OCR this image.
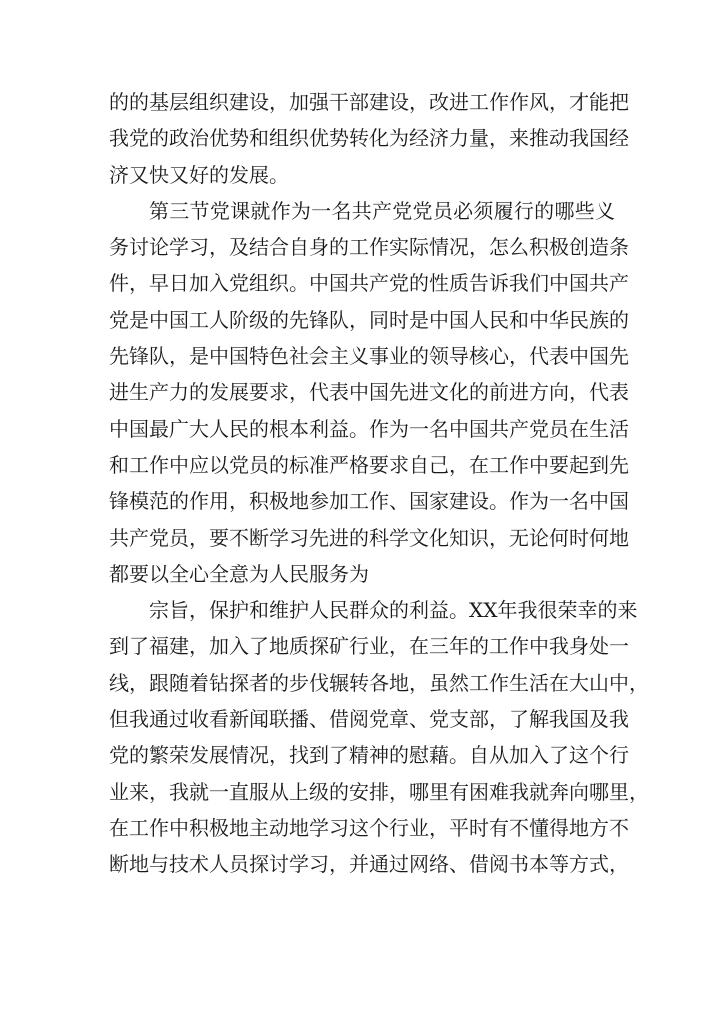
的的基层组织建设，加强干部建设，改进工作作风，才能把
我党的政治优势和组织优势转化为经济力量，来推动我国经
济又快又好的发展。
第三节党课就作为一名共产党党员必须履行的哪些义
务讨论学习，及结合自身的工作实际情况，怎么积极创造条
件，早日加入党组织。中国共产党的性质告诉我们中国共产
党是中国工人阶级的先锋队，同时是中国人民和中华民族的
先锋队，是中国特色社会主义事业的领导核心，代表中国先
进生产力的发展要求，代表中国先进文化的前进方向，代表
中国最广大人民的根本利益。作为一名中国共产党员在生活
和工作中应以党员的标准严格要求自己，在工作中要起到先
锋模范的作用，积极地参加工作、国家建设。作为一名中国
共产党员，要不断学习先进的科学文化知识，无论何时何地
都要以全心全意为人民服务为
宗旨，保护和维护人民群众的利益。XX年我很荣幸的来
到了福建，加入了地质探矿行业，在三年的工作中我身处一
线，跟随着钻探者的步伐辗转各地，虽然工作生活在大山中，
但我通过收看新闻联播、借阅党章、党支部，了解我国及我
党的繁荣发展情况，找到了精神的慰藉。自从加入了这个行
业来，我就一直服从上级的安排，哪里有困难我就奔向哪里，
在工作中积极地主动地学习这个行业，平时有不懂得地方不
断地与技术人员探讨学习，并通过网络、借阅书本等方式，
